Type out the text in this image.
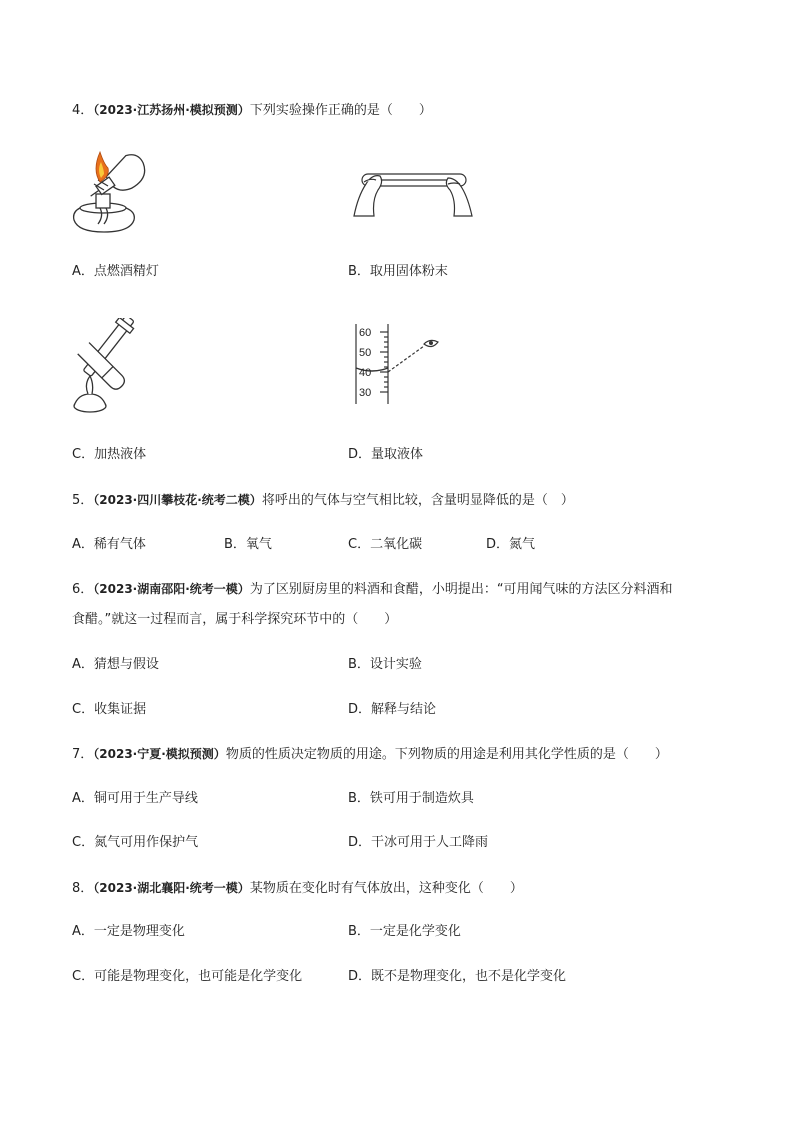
4．（2023·江苏扬州·模拟预测）下列实验操作正确的是（　　）
A．点燃酒精灯	B．取用固体粉末
60
50
40
30
C．加热液体	D．量取液体
5．（2023·四川攀枝花·统考二模）将呼出的气体与空气相比较，含量明显降低的是（　）
A．稀有气体	B．氧气	C．二氧化碳	D．氮气
6．（2023·湖南邵阳·统考一模）为了区别厨房里的料酒和食醋，小明提出：“可用闻气味的方法区分料酒和
食醋。”就这一过程而言，属于科学探究环节中的（　　）
A．猜想与假设	B．设计实验
C．收集证据	D．解释与结论
7．（2023·宁夏·模拟预测）物质的性质决定物质的用途。下列物质的用途是利用其化学性质的是（　　）
A．铜可用于生产导线	B．铁可用于制造炊具
C．氮气可用作保护气	D．干冰可用于人工降雨
8．（2023·湖北襄阳·统考一模）某物质在变化时有气体放出，这种变化（　　）
A．一定是物理变化	B．一定是化学变化
C．可能是物理变化，也可能是化学变化	D．既不是物理变化，也不是化学变化
